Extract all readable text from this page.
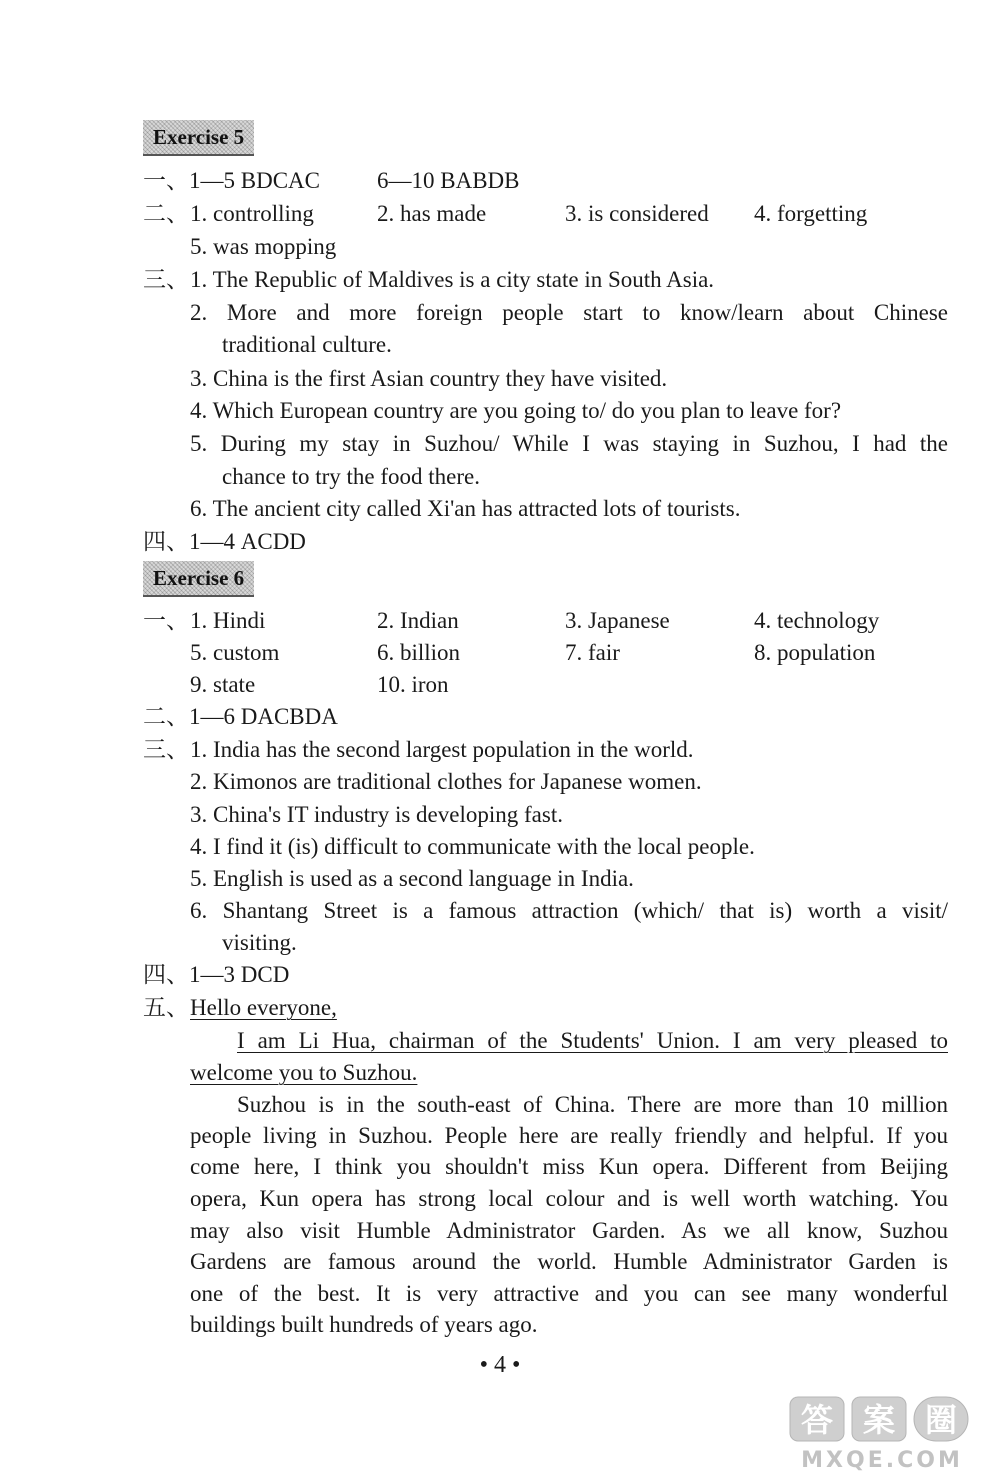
Exercise 5
一、1—5 BDCAC 6—10 BABDB
二、 1. controlling	2. has made	3. is considered 4. forgetting
5. was mopping
三、 1. The Republic of Maldives is a city state in South Asia.
2. More and more foreign people start to know/learn about Chinese
traditional culture.
3. China is the first Asian country they have visited.
4. Which European country are you going to/ do you plan to leave for?
5. During my stay in Suzhou/ While I was staying in Suzhou, I had the
chance to try the food there.
6. The ancient city called Xi'an has attracted lots of tourists.
四、1—4 ACDD
Exercise 6
一、 1. Hindi	2. Indian	3. Japanese	4. technology
5. custom	6. billion	7. fair	8. population
9. state	10. iron
二、1—6 DACBDA
三、 1. India has the second largest population in the world.
2. Kimonos are traditional clothes for Japanese women.
3. China's IT industry is developing fast.
4. I find it (is) difficult to communicate with the local people.
5. English is used as a second language in India.
6. Shantang Street is a famous attraction (which/ that is) worth a visit/
visiting.
四、1—3 DCD
五、 Hello everyone,
I am Li Hua, chairman of the Students' Union. I am very pleased to
welcome you to Suzhou.
Suzhou is in the south-east of China. There are more than 10 million
people living in Suzhou. People here are really friendly and helpful. If you
come here, I think you shouldn't miss Kun opera. Different from Beijing
opera, Kun opera has strong local colour and is well worth watching. You
may also visit Humble Administrator Garden. As we all know, Suzhou
Gardens are famous around the world. Humble Administrator Garden is
one of the best. It is very attractive and you can see many wonderful
buildings built hundreds of years ago.
• 4 •
答 案 圈
MXQE.COM
